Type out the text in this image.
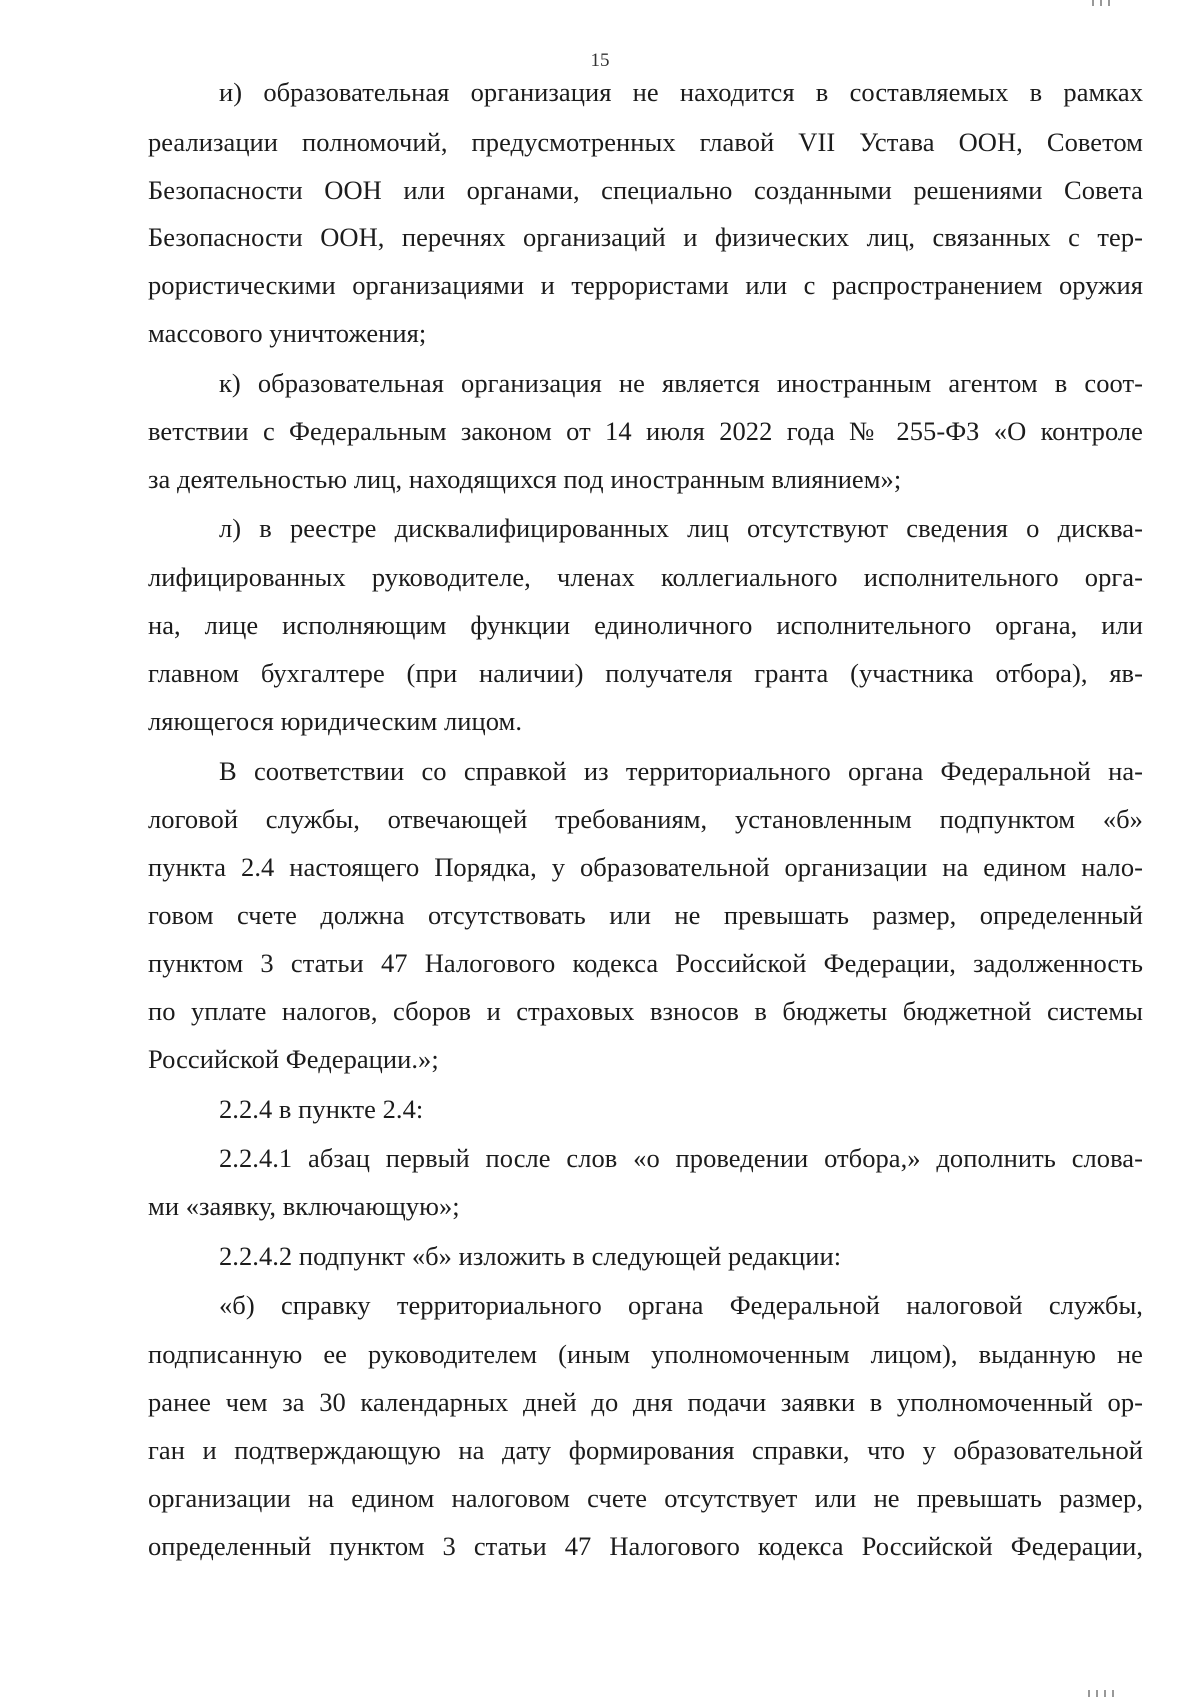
15
и) образовательная организация не находится в составляемых в рамках
реализации полномочий, предусмотренных главой VII Устава ООН, Советом
Безопасности ООН или органами, специально созданными решениями Совета
Безопасности ООН, перечнях организаций и физических лиц, связанных с тер-
рористическими организациями и террористами или с распространением оружия
массового уничтожения;
к) образовательная организация не является иностранным агентом в соот-
ветствии с Федеральным законом от 14 июля 2022 года № 255-ФЗ «О контроле
за деятельностью лиц, находящихся под иностранным влиянием»;
л) в реестре дисквалифицированных лиц отсутствуют сведения о дисква-
лифицированных руководителе, членах коллегиального исполнительного орга-
на, лице исполняющим функции единоличного исполнительного органа, или
главном бухгалтере (при наличии) получателя гранта (участника отбора), яв-
ляющегося юридическим лицом.
В соответствии со справкой из территориального органа Федеральной на-
логовой службы, отвечающей требованиям, установленным подпунктом «б»
пункта 2.4 настоящего Порядка, у образовательной организации на едином нало-
говом счете должна отсутствовать или не превышать размер, определенный
пунктом 3 статьи 47 Налогового кодекса Российской Федерации, задолженность
по уплате налогов, сборов и страховых взносов в бюджеты бюджетной системы
Российской Федерации.»;
2.2.4 в пункте 2.4:
2.2.4.1 абзац первый после слов «о проведении отбора,» дополнить слова-
ми «заявку, включающую»;
2.2.4.2 подпункт «б» изложить в следующей редакции:
«б) справку территориального органа Федеральной налоговой службы,
подписанную ее руководителем (иным уполномоченным лицом), выданную не
ранее чем за 30 календарных дней до дня подачи заявки в уполномоченный ор-
ган и подтверждающую на дату формирования справки, что у образовательной
организации на едином налоговом счете отсутствует или не превышать размер,
определенный пунктом 3 статьи 47 Налогового кодекса Российской Федерации,
